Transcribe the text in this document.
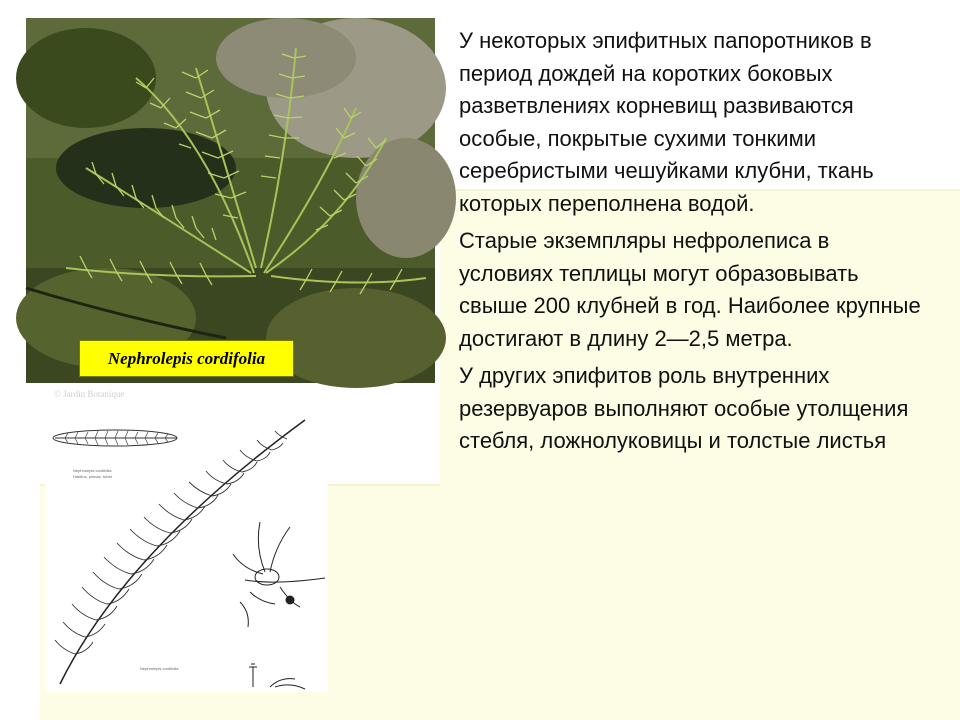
© Jardin Botanique
Nephrolepis cordifolia
Nephrolepis cordifolia
Habitus, pinnae, tuber
Nephrolepis cordifolia

У некоторых эпифитных папоротников в период дождей на коротких боковых разветвлениях корневищ развиваются особые, покрытые сухими тонкими серебристыми чешуйками клубни, ткань которых переполнена водой.

Старые экземпляры нефролеписа в условиях теплицы могут образовывать свыше 200 клубней в год. Наиболее крупные достигают в длину 2—2,5 метра.

У других эпифитов роль внутренних резервуаров выполняют особые утолщения стебля, ложнолуковицы и толстые листья
